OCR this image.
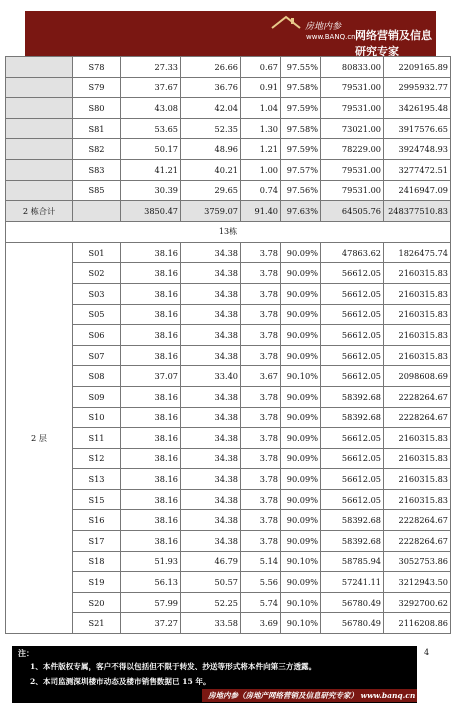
房地内参
www.BANQ.cn 网络营销及信息研究专家
	S78	27.33	26.66	0.67	97.55%	80833.00	2209165.89
	S79	37.67	36.76	0.91	97.58%	79531.00	2995932.77
	S80	43.08	42.04	1.04	97.59%	79531.00	3426195.48
	S81	53.65	52.35	1.30	97.58%	73021.00	3917576.65
	S82	50.17	48.96	1.21	97.59%	78229.00	3924748.93
	S83	41.21	40.21	1.00	97.57%	79531.00	3277472.51
	S85	30.39	29.65	0.74	97.56%	79531.00	2416947.09
2 栋合计		3850.47	3759.07	91.40	97.63%	64505.76	248377510.83
13栋							
2 层	S01	38.16	34.38	3.78	90.09%	47863.62	1826475.74
	S02	38.16	34.38	3.78	90.09%	56612.05	2160315.83
	S03	38.16	34.38	3.78	90.09%	56612.05	2160315.83
	S05	38.16	34.38	3.78	90.09%	56612.05	2160315.83
	S06	38.16	34.38	3.78	90.09%	56612.05	2160315.83
	S07	38.16	34.38	3.78	90.09%	56612.05	2160315.83
	S08	37.07	33.40	3.67	90.10%	56612.05	2098608.69
	S09	38.16	34.38	3.78	90.09%	58392.68	2228264.67
	S10	38.16	34.38	3.78	90.09%	58392.68	2228264.67
	S11	38.16	34.38	3.78	90.09%	56612.05	2160315.83
	S12	38.16	34.38	3.78	90.09%	56612.05	2160315.83
	S13	38.16	34.38	3.78	90.09%	56612.05	2160315.83
	S15	38.16	34.38	3.78	90.09%	56612.05	2160315.83
	S16	38.16	34.38	3.78	90.09%	58392.68	2228264.67
	S17	38.16	34.38	3.78	90.09%	58392.68	2228264.67
	S18	51.93	46.79	5.14	90.10%	58785.94	3052753.86
	S19	56.13	50.57	5.56	90.09%	57241.11	3212943.50
	S20	57.99	52.25	5.74	90.10%	56780.49	3292700.62
	S21	37.27	33.58	3.69	90.10%	56780.49	2116208.86
4
注：
1、本件版权专属，客户不得以包括但不限于转发、抄送等形式将本件向第三方透露。
2、本司监测深圳楼市动态及楼市销售数据已 15 年。
房地内参（房地产网络营销及信息研究专家） www.banq.cn
